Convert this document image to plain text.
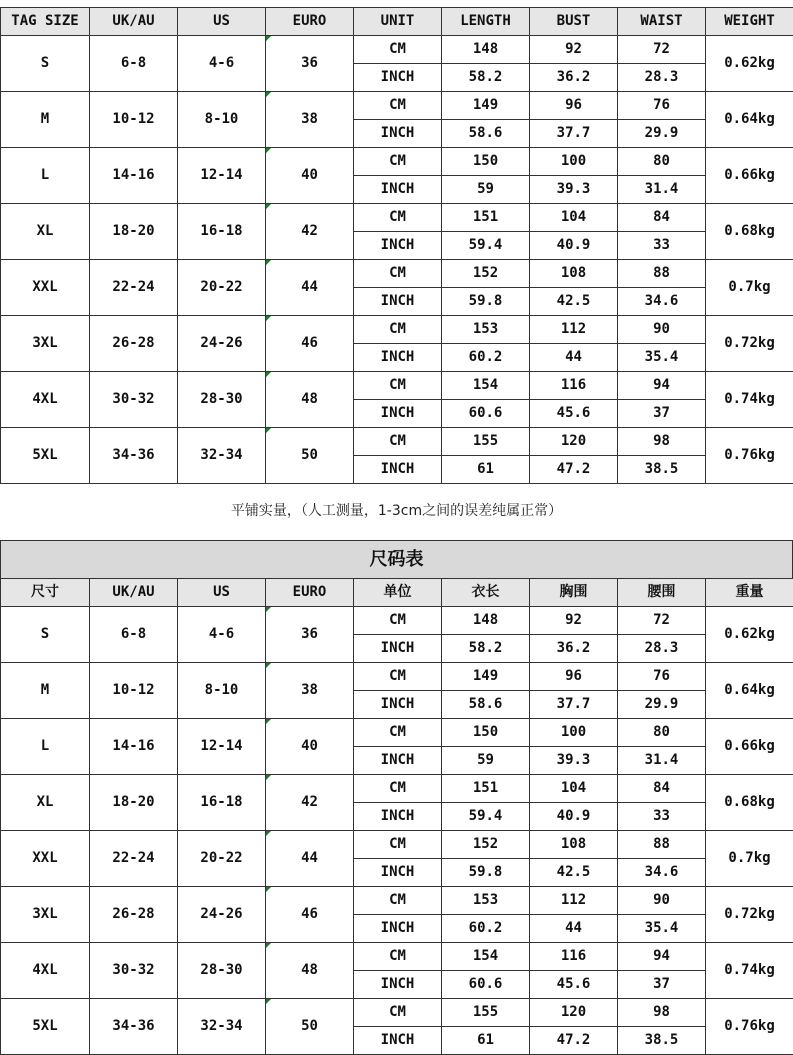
TAG SIZE	UK/AU	US	EURO	UNIT	LENGTH	BUST	WAIST	WEIGHT
S	6-8	4-6	36	CM	148	92	72	0.62kg
				INCH	58.2	36.2	28.3	
M	10-12	8-10	38	CM	149	96	76	0.64kg
				INCH	58.6	37.7	29.9	
L	14-16	12-14	40	CM	150	100	80	0.66kg
				INCH	59	39.3	31.4	
XL	18-20	16-18	42	CM	151	104	84	0.68kg
				INCH	59.4	40.9	33	
XXL	22-24	20-22	44	CM	152	108	88	0.7kg
				INCH	59.8	42.5	34.6	
3XL	26-28	24-26	46	CM	153	112	90	0.72kg
				INCH	60.2	44	35.4	
4XL	30-32	28-30	48	CM	154	116	94	0.74kg
				INCH	60.6	45.6	37	
5XL	34-36	32-34	50	CM	155	120	98	0.76kg
				INCH	61	47.2	38.5	
平铺实量，（人工测量，1-3cm之间的误差纯属正常）
尺码表
尺寸	UK/AU	US	EURO	单位	衣长	胸围	腰围	重量
S	6-8	4-6	36	CM	148	92	72	0.62kg
				INCH	58.2	36.2	28.3	
M	10-12	8-10	38	CM	149	96	76	0.64kg
				INCH	58.6	37.7	29.9	
L	14-16	12-14	40	CM	150	100	80	0.66kg
				INCH	59	39.3	31.4	
XL	18-20	16-18	42	CM	151	104	84	0.68kg
				INCH	59.4	40.9	33	
XXL	22-24	20-22	44	CM	152	108	88	0.7kg
				INCH	59.8	42.5	34.6	
3XL	26-28	24-26	46	CM	153	112	90	0.72kg
				INCH	60.2	44	35.4	
4XL	30-32	28-30	48	CM	154	116	94	0.74kg
				INCH	60.6	45.6	37	
5XL	34-36	32-34	50	CM	155	120	98	0.76kg
				INCH	61	47.2	38.5	
